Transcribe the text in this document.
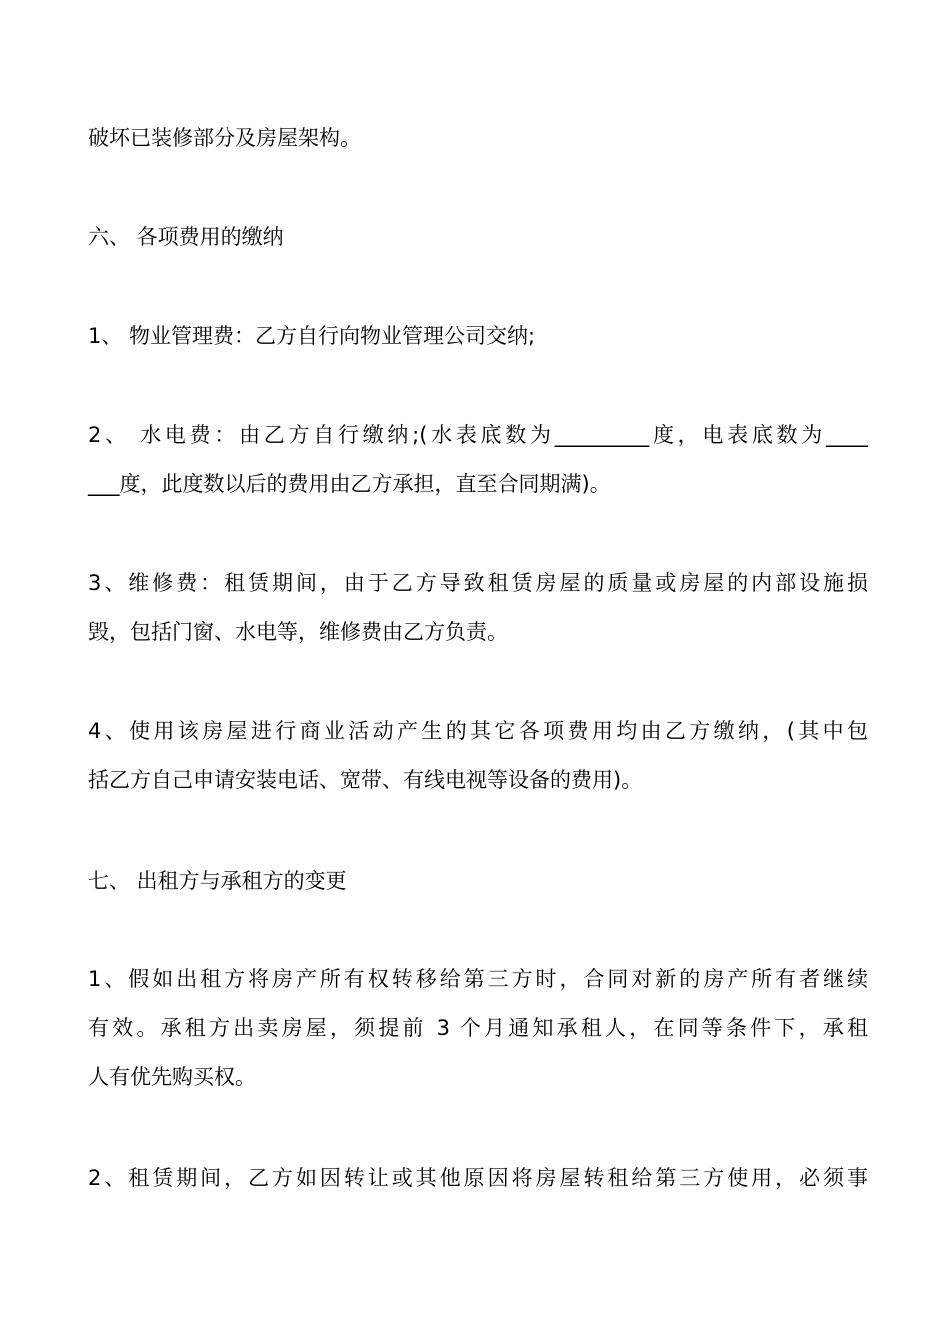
破坏已装修部分及房屋架构。
六、 各项费用的缴纳
1、 物业管理费：乙方自行向物业管理公司交纳;
2、 水电费：由乙方自行缴纳;(水表底数为_________度，电表底数为____
___度，此度数以后的费用由乙方承担，直至合同期满)。
3、维修费：租赁期间，由于乙方导致租赁房屋的质量或房屋的内部设施损
毁，包括门窗、水电等，维修费由乙方负责。
4、使用该房屋进行商业活动产生的其它各项费用均由乙方缴纳，(其中包
括乙方自己申请安装电话、宽带、有线电视等设备的费用)。
七、 出租方与承租方的变更
1、假如出租方将房产所有权转移给第三方时，合同对新的房产所有者继续
有效。承租方出卖房屋，须提前 3 个月通知承租人，在同等条件下，承租
人有优先购买权。
2、租赁期间，乙方如因转让或其他原因将房屋转租给第三方使用，必须事
